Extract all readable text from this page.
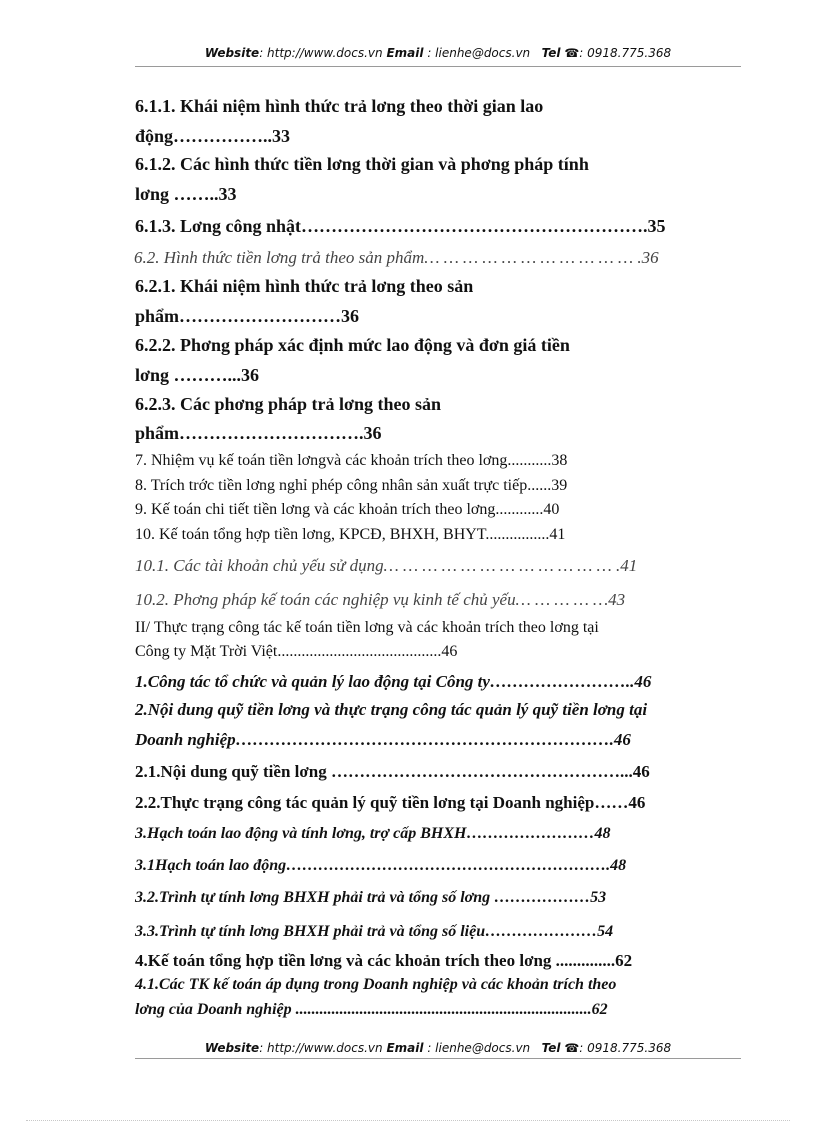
Website: http://www.docs.vn Email : lienhe@docs.vn Tel ☎: 0918.775.368
6.1.1. Khái niệm hình thức trả lơng theo thời gian lao
động……………..33
6.1.2. Các hình thức tiền lơng thời gian và phơng pháp tính
lơng ……..33
6.1.3. Lơng công nhật………………………………………………….35
6.2. Hình thức tiền lơng trả theo sản phẩm… … … … … … … … … … … .36
6.2.1. Khái niệm hình thức trả lơng theo sản
phẩm………………………36
6.2.2. Phơng pháp xác định mức lao động và đơn giá tiền
lơng ………...36
6.2.3. Các phơng pháp trả lơng theo sản
phẩm………………………….36
7. Nhiệm vụ kế toán tiền lơngvà các khoản trích theo lơng...........38
8. Trích trớc tiền lơng nghỉ phép công nhân sản xuất trực tiếp......39
9. Kế toán chi tiết tiền lơng và các khoản trích theo lơng............40
10. Kế toán tổng hợp tiền lơng, KPCĐ, BHXH, BHYT................41
10.1. Các tài khoản chủ yếu sử dụng… … … … … … … … … … … … .41
10.2. Phơng pháp kế toán các nghiệp vụ kinh tế chủ yếu… … … … …43
II/ Thực trạng công tác kế toán tiền lơng và các khoản trích theo lơng tại
Công ty Mặt Trời Việt.........................................46
1.Công tác tổ chức và quản lý lao động tại Công ty……………………..46
2.Nội dung quỹ tiền lơng và thực trạng công tác quản lý quỹ tiền lơng tại
Doanh nghiệp………………………………………………………….46
2.1.Nội dung quỹ tiền lơng ……………………………………………...46
2.2.Thực trạng công tác quản lý quỹ tiền lơng tại Doanh nghiệp……46
3.Hạch toán lao động và tính lơng, trợ cấp BHXH……………………48
3.1Hạch toán lao động…………………………………………………….48
3.2.Trình tự tính lơng BHXH phải trả và tổng số lơng ………………53
3.3.Trình tự tính lơng BHXH phải trả và tổng số liệu…………………54
4.Kế toán tổng hợp tiền lơng và các khoản trích theo lơng ..............62
4.1.Các TK kế toán áp dụng trong Doanh nghiệp và các khoản trích theo
lơng của Doanh nghiệp ..........................................................................62
Website: http://www.docs.vn Email : lienhe@docs.vn Tel ☎: 0918.775.368
